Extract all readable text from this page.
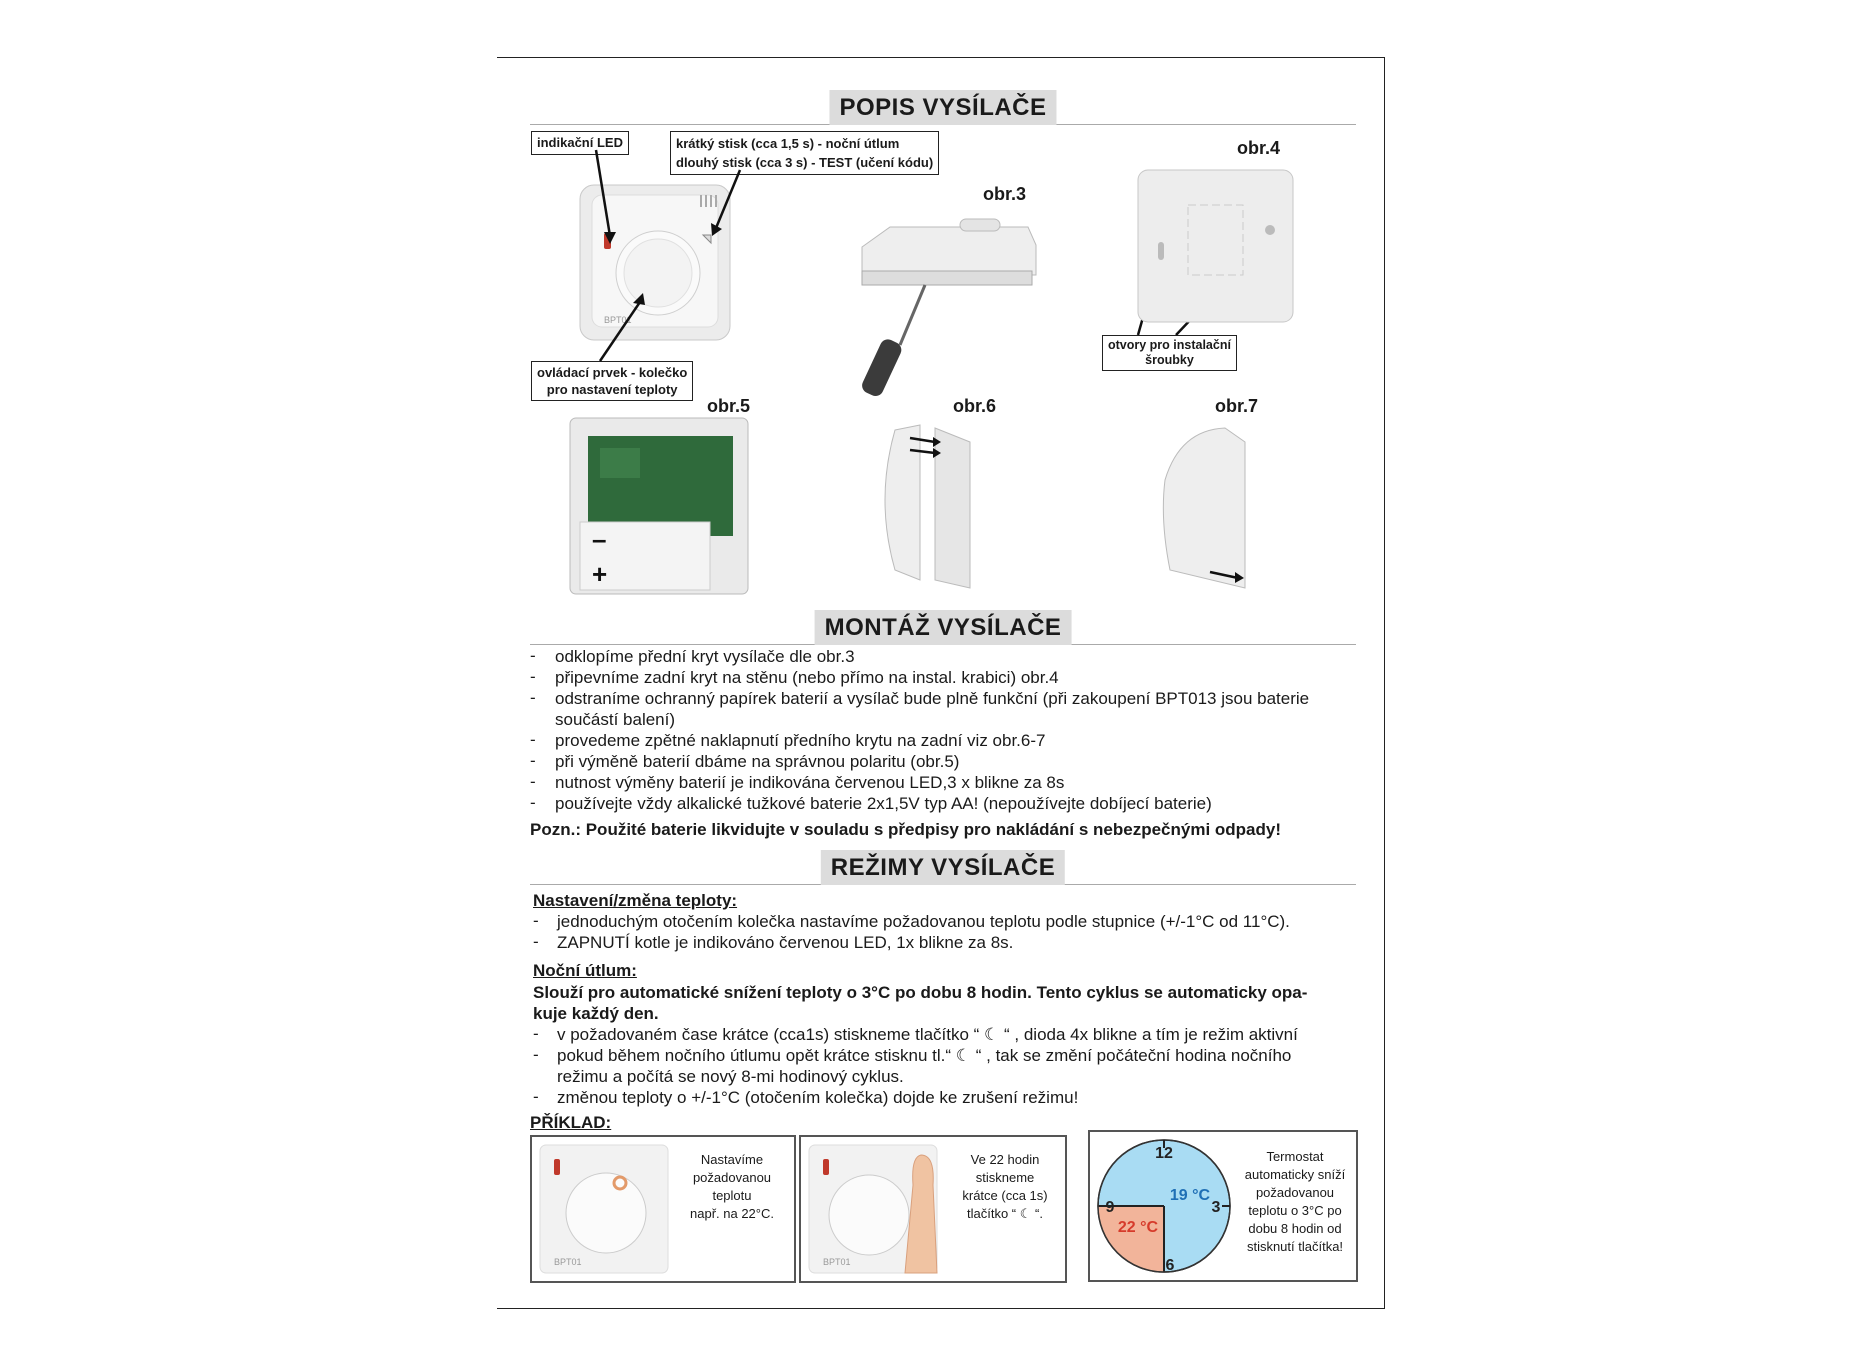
POPIS VYSÍLAČE
indikační LED	krátký stisk (cca 1,5 s) - noční útlum
dlouhý stisk (cca 3 s) - TEST (učení kódu)
ovládací prvek - kolečko
pro nastavení teploty
otvory pro instalační
šroubky
obr.4
obr.3
obr.5	obr.6	obr.7
BPT01
–
+
MONTÁŽ VYSÍLAČE
- odklopíme přední kryt vysílače dle obr.3
- připevníme zadní kryt na stěnu (nebo přímo na instal. krabici) obr.4
- odstraníme ochranný papírek baterií a vysílač bude plně funkční (při zakoupení BPT013 jsou baterie
součástí balení)
- provedeme zpětné naklapnutí předního krytu na zadní viz obr.6-7
- při výměně baterií dbáme na správnou polaritu (obr.5)
- nutnost výměny baterií je indikována červenou LED,3 x blikne za 8s
- používejte vždy alkalické tužkové baterie 2x1,5V typ AA! (nepoužívejte dobíjecí baterie)
Pozn.: Použité baterie likvidujte v souladu s předpisy pro nakládání s nebezpečnými odpady!
REŽIMY VYSÍLAČE
Nastavení/změna teploty:
- jednoduchým otočením kolečka nastavíme požadovanou teplotu podle stupnice (+/-1°C od 11°C).
- ZAPNUTÍ kotle je indikováno červenou LED, 1x blikne za 8s.
Noční útlum:
Slouží pro automatické snížení teploty o 3°C po dobu 8 hodin. Tento cyklus se automaticky opa-
kuje každý den.
- v požadovaném čase krátce (cca1s) stiskneme tlačítko “ ☾ “ , dioda 4x blikne a tím je režim aktivní
- pokud během nočního útlumu opět krátce stisknu tl.“ ☾ “ , tak se změní počáteční hodina nočního
režimu a počítá se nový 8-mi hodinový cyklus.
- změnou teploty o +/-1°C (otočením kolečka) dojde ke zrušení režimu!
PŘÍKLAD:
BPT01
Nastavíme
požadovanou
teplotu
např. na 22°C.
BPT01
Ve 22 hodin
stiskneme
krátce (cca 1s)
tlačítko “ ☾ “.
12
3
6
9
19 °C
22 °C
Termostat
automaticky sníží
požadovanou
teplotu o 3°C po
dobu 8 hodin od
stisknutí tlačítka!
